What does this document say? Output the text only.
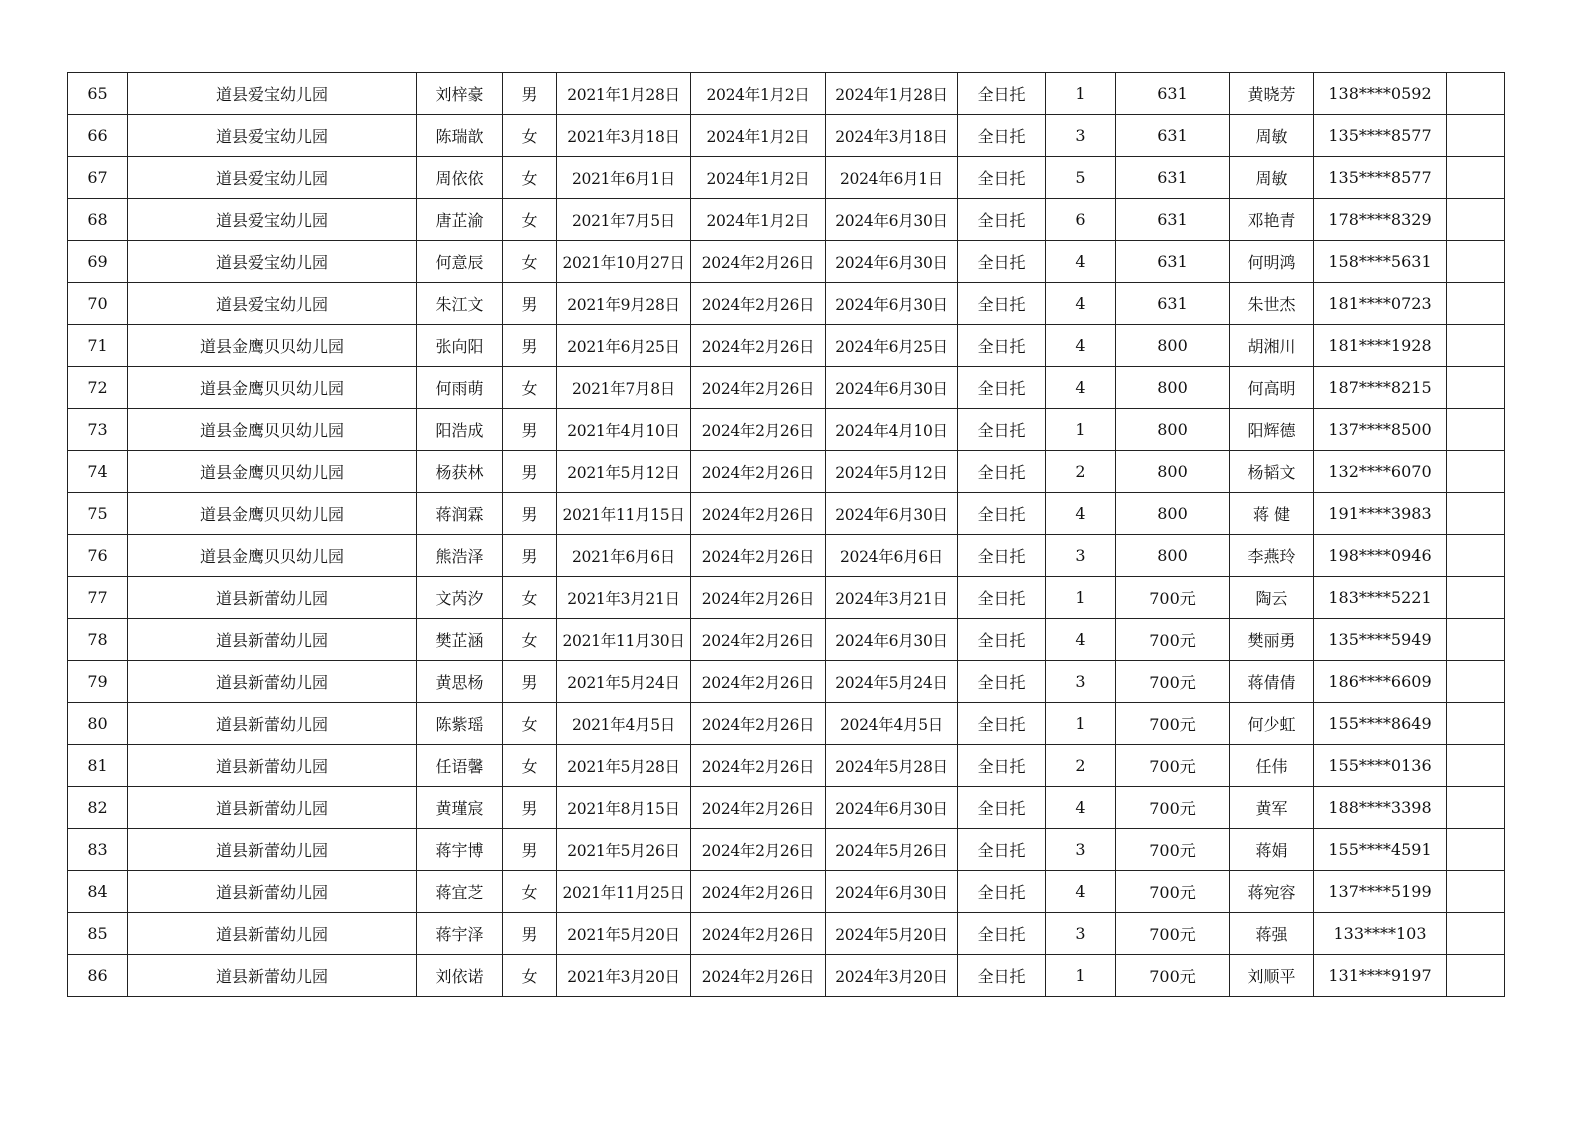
65	道县爱宝幼儿园	刘梓豪	男	2021年1月28日	2024年1月2日	2024年1月28日	全日托	1	631	黄晓芳	138****0592	
66	道县爱宝幼儿园	陈瑞歆	女	2021年3月18日	2024年1月2日	2024年3月18日	全日托	3	631	周敏	135****8577	
67	道县爱宝幼儿园	周依依	女	2021年6月1日	2024年1月2日	2024年6月1日	全日托	5	631	周敏	135****8577	
68	道县爱宝幼儿园	唐芷渝	女	2021年7月5日	2024年1月2日	2024年6月30日	全日托	6	631	邓艳青	178****8329	
69	道县爱宝幼儿园	何意辰	女	2021年10月27日	2024年2月26日	2024年6月30日	全日托	4	631	何明鸿	158****5631	
70	道县爱宝幼儿园	朱江文	男	2021年9月28日	2024年2月26日	2024年6月30日	全日托	4	631	朱世杰	181****0723	
71	道县金鹰贝贝幼儿园	张向阳	男	2021年6月25日	2024年2月26日	2024年6月25日	全日托	4	800	胡湘川	181****1928	
72	道县金鹰贝贝幼儿园	何雨萌	女	2021年7月8日	2024年2月26日	2024年6月30日	全日托	4	800	何高明	187****8215	
73	道县金鹰贝贝幼儿园	阳浩成	男	2021年4月10日	2024年2月26日	2024年4月10日	全日托	1	800	阳辉德	137****8500	
74	道县金鹰贝贝幼儿园	杨获林	男	2021年5月12日	2024年2月26日	2024年5月12日	全日托	2	800	杨韬文	132****6070	
75	道县金鹰贝贝幼儿园	蒋润霖	男	2021年11月15日	2024年2月26日	2024年6月30日	全日托	4	800	蒋 健	191****3983	
76	道县金鹰贝贝幼儿园	熊浩泽	男	2021年6月6日	2024年2月26日	2024年6月6日	全日托	3	800	李燕玲	198****0946	
77	道县新蕾幼儿园	文芮汐	女	2021年3月21日	2024年2月26日	2024年3月21日	全日托	1	700元	陶云	183****5221	
78	道县新蕾幼儿园	樊芷涵	女	2021年11月30日	2024年2月26日	2024年6月30日	全日托	4	700元	樊丽勇	135****5949	
79	道县新蕾幼儿园	黄思杨	男	2021年5月24日	2024年2月26日	2024年5月24日	全日托	3	700元	蒋倩倩	186****6609	
80	道县新蕾幼儿园	陈紫瑶	女	2021年4月5日	2024年2月26日	2024年4月5日	全日托	1	700元	何少虹	155****8649	
81	道县新蕾幼儿园	任语馨	女	2021年5月28日	2024年2月26日	2024年5月28日	全日托	2	700元	任伟	155****0136	
82	道县新蕾幼儿园	黄瑾宸	男	2021年8月15日	2024年2月26日	2024年6月30日	全日托	4	700元	黄军	188****3398	
83	道县新蕾幼儿园	蒋宇博	男	2021年5月26日	2024年2月26日	2024年5月26日	全日托	3	700元	蒋娟	155****4591	
84	道县新蕾幼儿园	蒋宜芝	女	2021年11月25日	2024年2月26日	2024年6月30日	全日托	4	700元	蒋宛容	137****5199	
85	道县新蕾幼儿园	蒋宇泽	男	2021年5月20日	2024年2月26日	2024年5月20日	全日托	3	700元	蒋强	133****103	
86	道县新蕾幼儿园	刘依诺	女	2021年3月20日	2024年2月26日	2024年3月20日	全日托	1	700元	刘顺平	131****9197	
